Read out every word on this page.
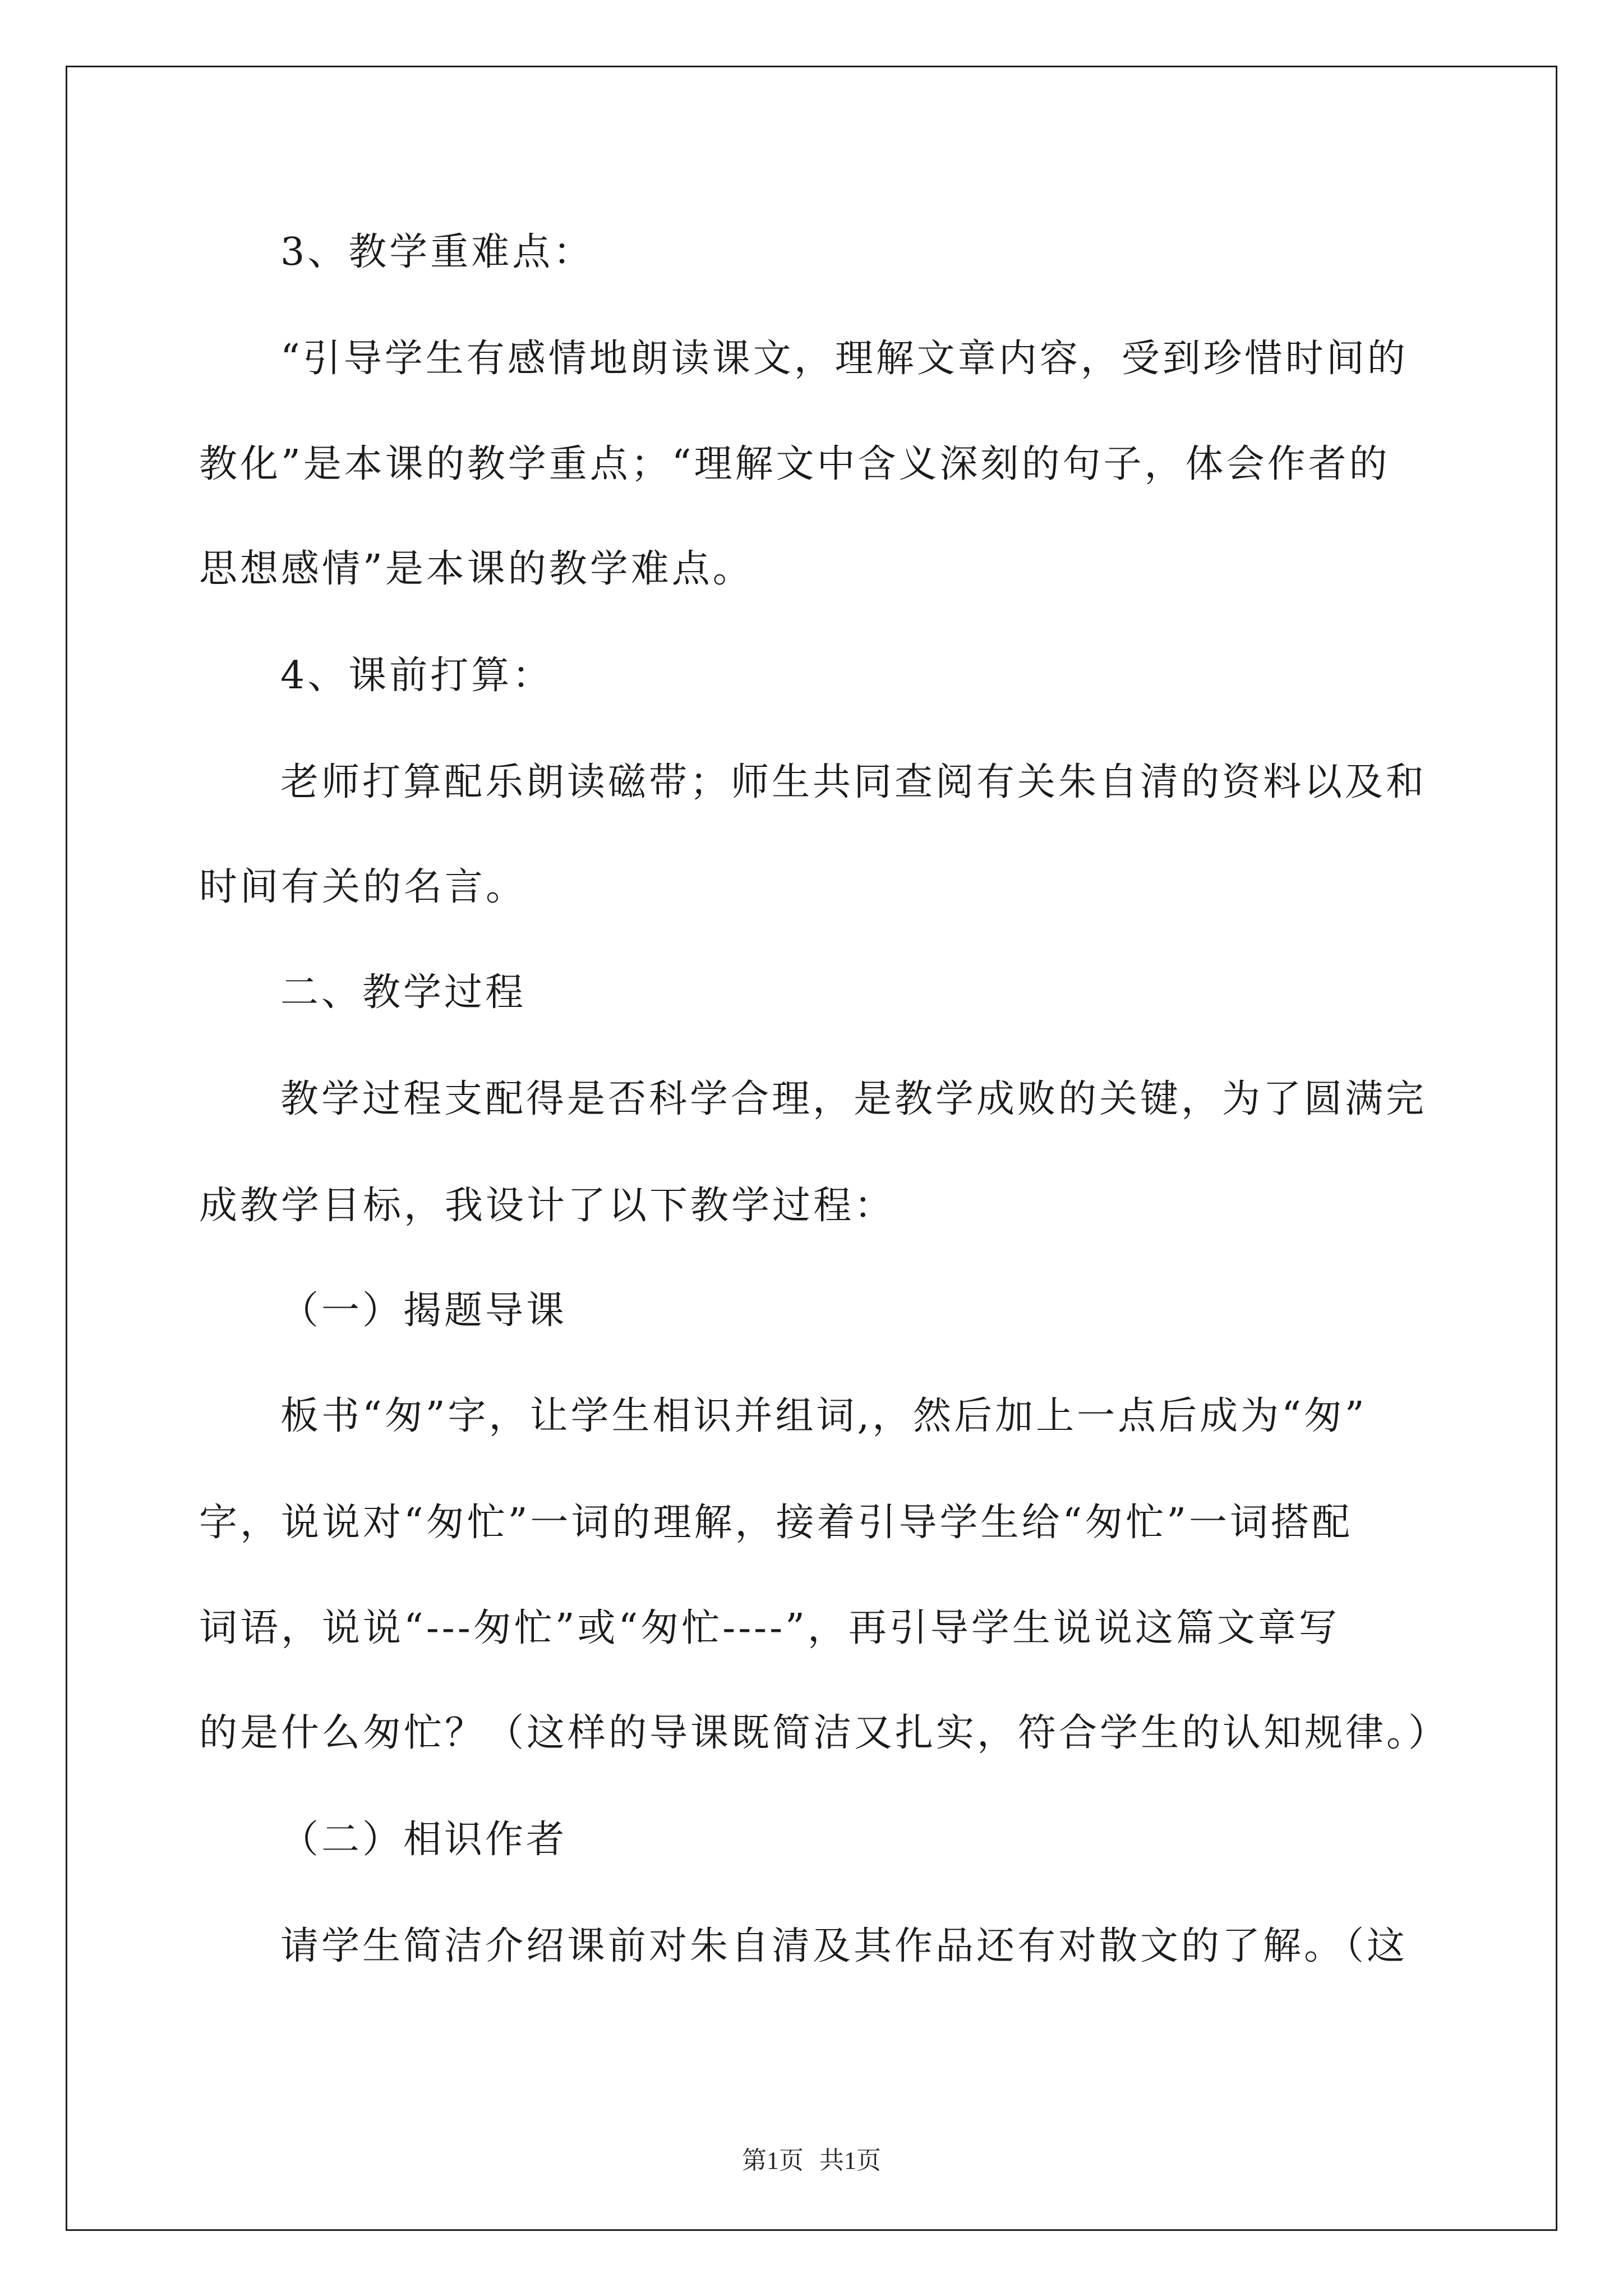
3、教学重难点：
“引导学生有感情地朗读课文，理解文章内容，受到珍惜时间的
教化”是本课的教学重点；“理解文中含义深刻的句子，体会作者的
思想感情”是本课的教学难点。
4、课前打算：
老师打算配乐朗读磁带；师生共同查阅有关朱自清的资料以及和
时间有关的名言。
二、教学过程
教学过程支配得是否科学合理，是教学成败的关键，为了圆满完
成教学目标，我设计了以下教学过程：
（一）揭题导课
板书“匆”字，让学生相识并组词,，然后加上一点后成为“匆”
字，说说对“匆忙”一词的理解，接着引导学生给“匆忙”一词搭配
词语，说说“---匆忙”或“匆忙----”，再引导学生说说这篇文章写
的是什么匆忙？（这样的导课既简洁又扎实，符合学生的认知规律。）
（二）相识作者
请学生简洁介绍课前对朱自清及其作品还有对散文的了解。（这
第1页 共1页
